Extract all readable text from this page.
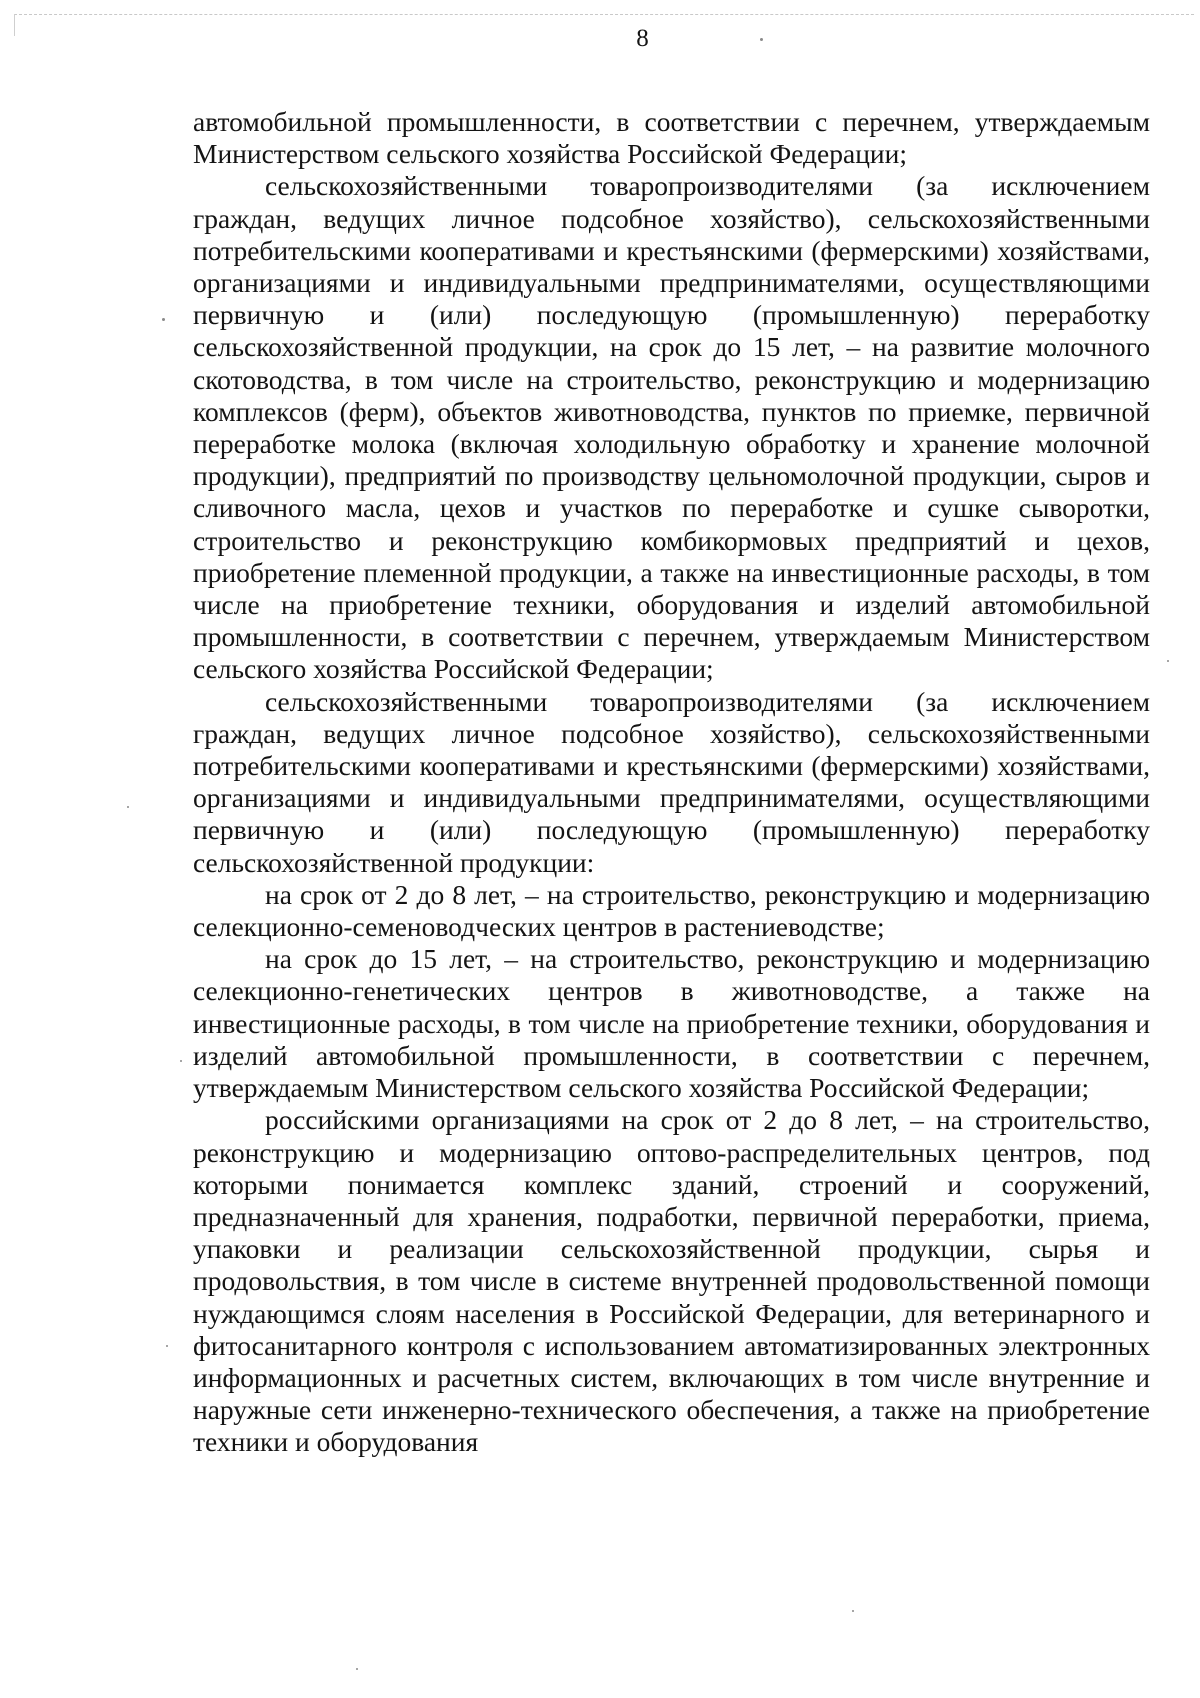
8

автомобильной промышленности, в соответствии с перечнем, утверждаемым Министерством сельского хозяйства Российской Федерации;

сельскохозяйственными товаропроизводителями (за исключением граждан, ведущих личное подсобное хозяйство), сельскохозяйственными потребительскими кооперативами и крестьянскими (фермерскими) хозяйствами, организациями и индивидуальными предпринимателями, осуществляющими первичную и (или) последующую (промышленную) переработку сельскохозяйственной продукции, на срок до 15 лет, – на развитие молочного скотоводства, в том числе на строительство, реконструкцию и модернизацию комплексов (ферм), объектов животноводства, пунктов по приемке, первичной переработке молока (включая холодильную обработку и хранение молочной продукции), предприятий по производству цельномолочной продукции, сыров и сливочного масла, цехов и участков по переработке и сушке сыворотки, строительство и реконструкцию комбикормовых предприятий и цехов, приобретение племенной продукции, а также на инвестиционные расходы, в том числе на приобретение техники, оборудования и изделий автомобильной промышленности, в соответствии с перечнем, утверждаемым Министерством сельского хозяйства Российской Федерации;

сельскохозяйственными товаропроизводителями (за исключением граждан, ведущих личное подсобное хозяйство), сельскохозяйственными потребительскими кооперативами и крестьянскими (фермерскими) хозяйствами, организациями и индивидуальными предпринимателями, осуществляющими первичную и (или) последующую (промышленную) переработку сельскохозяйственной продукции:

на срок от 2 до 8 лет, – на строительство, реконструкцию и модернизацию селекционно-семеноводческих центров в растениеводстве;

на срок до 15 лет, – на строительство, реконструкцию и модернизацию селекционно-генетических центров в животноводстве, а также на инвестиционные расходы, в том числе на приобретение техники, оборудования и изделий автомобильной промышленности, в соответствии с перечнем, утверждаемым Министерством сельского хозяйства Российской Федерации;

российскими организациями на срок от 2 до 8 лет, – на строительство, реконструкцию и модернизацию оптово-распределительных центров, под которыми понимается комплекс зданий, строений и сооружений, предназначенный для хранения, подработки, первичной переработки, приема, упаковки и реализации сельскохозяйственной продукции, сырья и продовольствия, в том числе в системе внутренней продовольственной помощи нуждающимся слоям населения в Российской Федерации, для ветеринарного и фитосанитарного контроля с использованием автоматизированных электронных информационных и расчетных систем, включающих в том числе внутренние и наружные сети инженерно-технического обеспечения, а также на приобретение техники и оборудования
